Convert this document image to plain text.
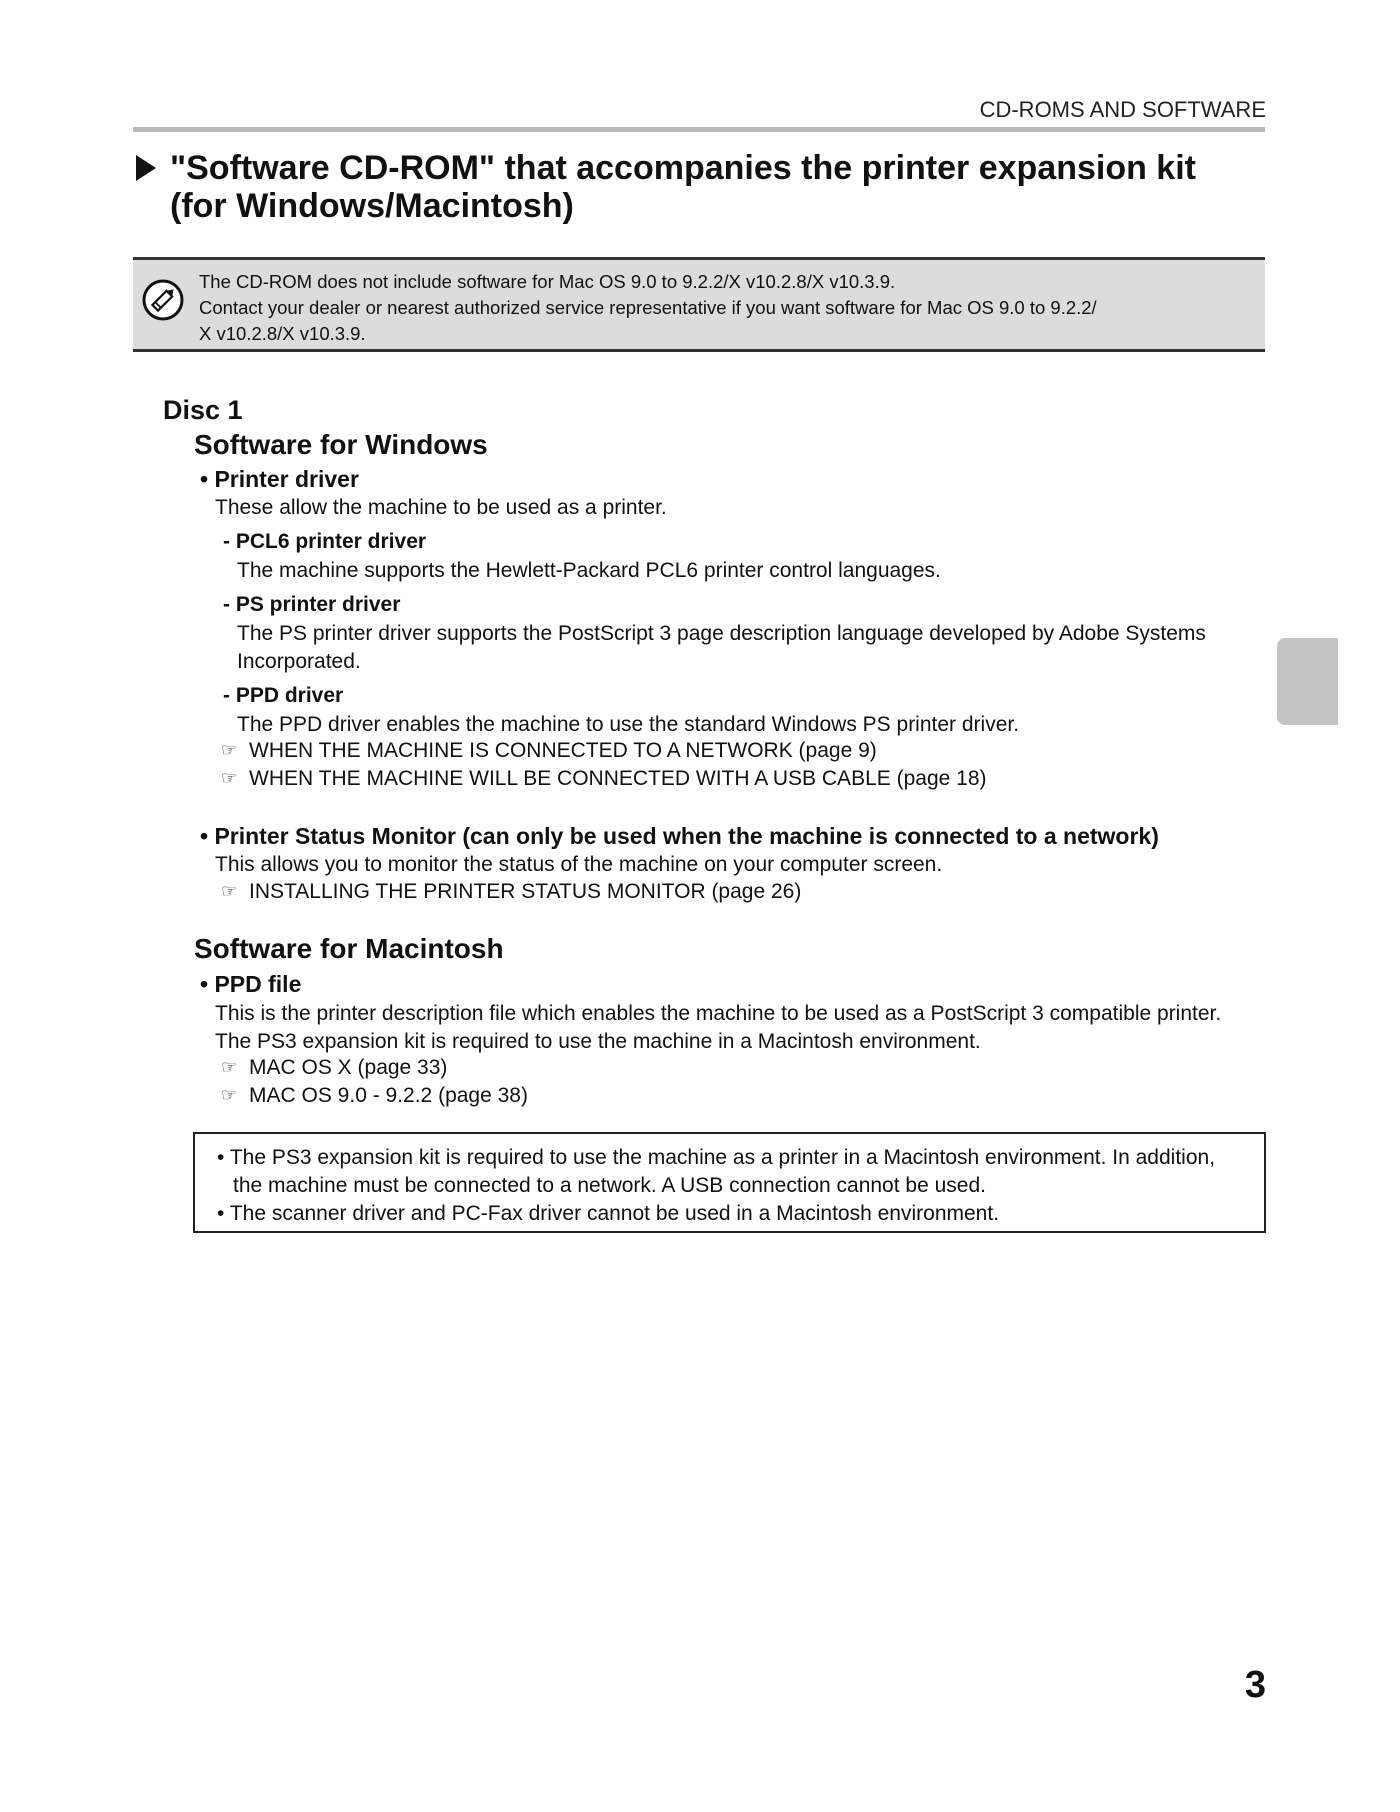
CD-ROMS AND SOFTWARE
"Software CD-ROM" that accompanies the printer expansion kit
(for Windows/Macintosh)
The CD-ROM does not include software for Mac OS 9.0 to 9.2.2/X v10.2.8/X v10.3.9.
Contact your dealer or nearest authorized service representative if you want software for Mac OS 9.0 to 9.2.2/
X v10.2.8/X v10.3.9.
Disc 1
Software for Windows
• Printer driver
These allow the machine to be used as a printer.
- PCL6 printer driver
The machine supports the Hewlett-Packard PCL6 printer control languages.
- PS printer driver
The PS printer driver supports the PostScript 3 page description language developed by Adobe Systems
Incorporated.
- PPD driver
The PPD driver enables the machine to use the standard Windows PS printer driver.
☞ WHEN THE MACHINE IS CONNECTED TO A NETWORK (page 9)
☞ WHEN THE MACHINE WILL BE CONNECTED WITH A USB CABLE (page 18)
• Printer Status Monitor (can only be used when the machine is connected to a network)
This allows you to monitor the status of the machine on your computer screen.
☞ INSTALLING THE PRINTER STATUS MONITOR (page 26)
Software for Macintosh
• PPD file
This is the printer description file which enables the machine to be used as a PostScript 3 compatible printer.
The PS3 expansion kit is required to use the machine in a Macintosh environment.
☞ MAC OS X (page 33)
☞ MAC OS 9.0 - 9.2.2 (page 38)
• The PS3 expansion kit is required to use the machine as a printer in a Macintosh environment. In addition,
the machine must be connected to a network. A USB connection cannot be used.
• The scanner driver and PC-Fax driver cannot be used in a Macintosh environment.
3
